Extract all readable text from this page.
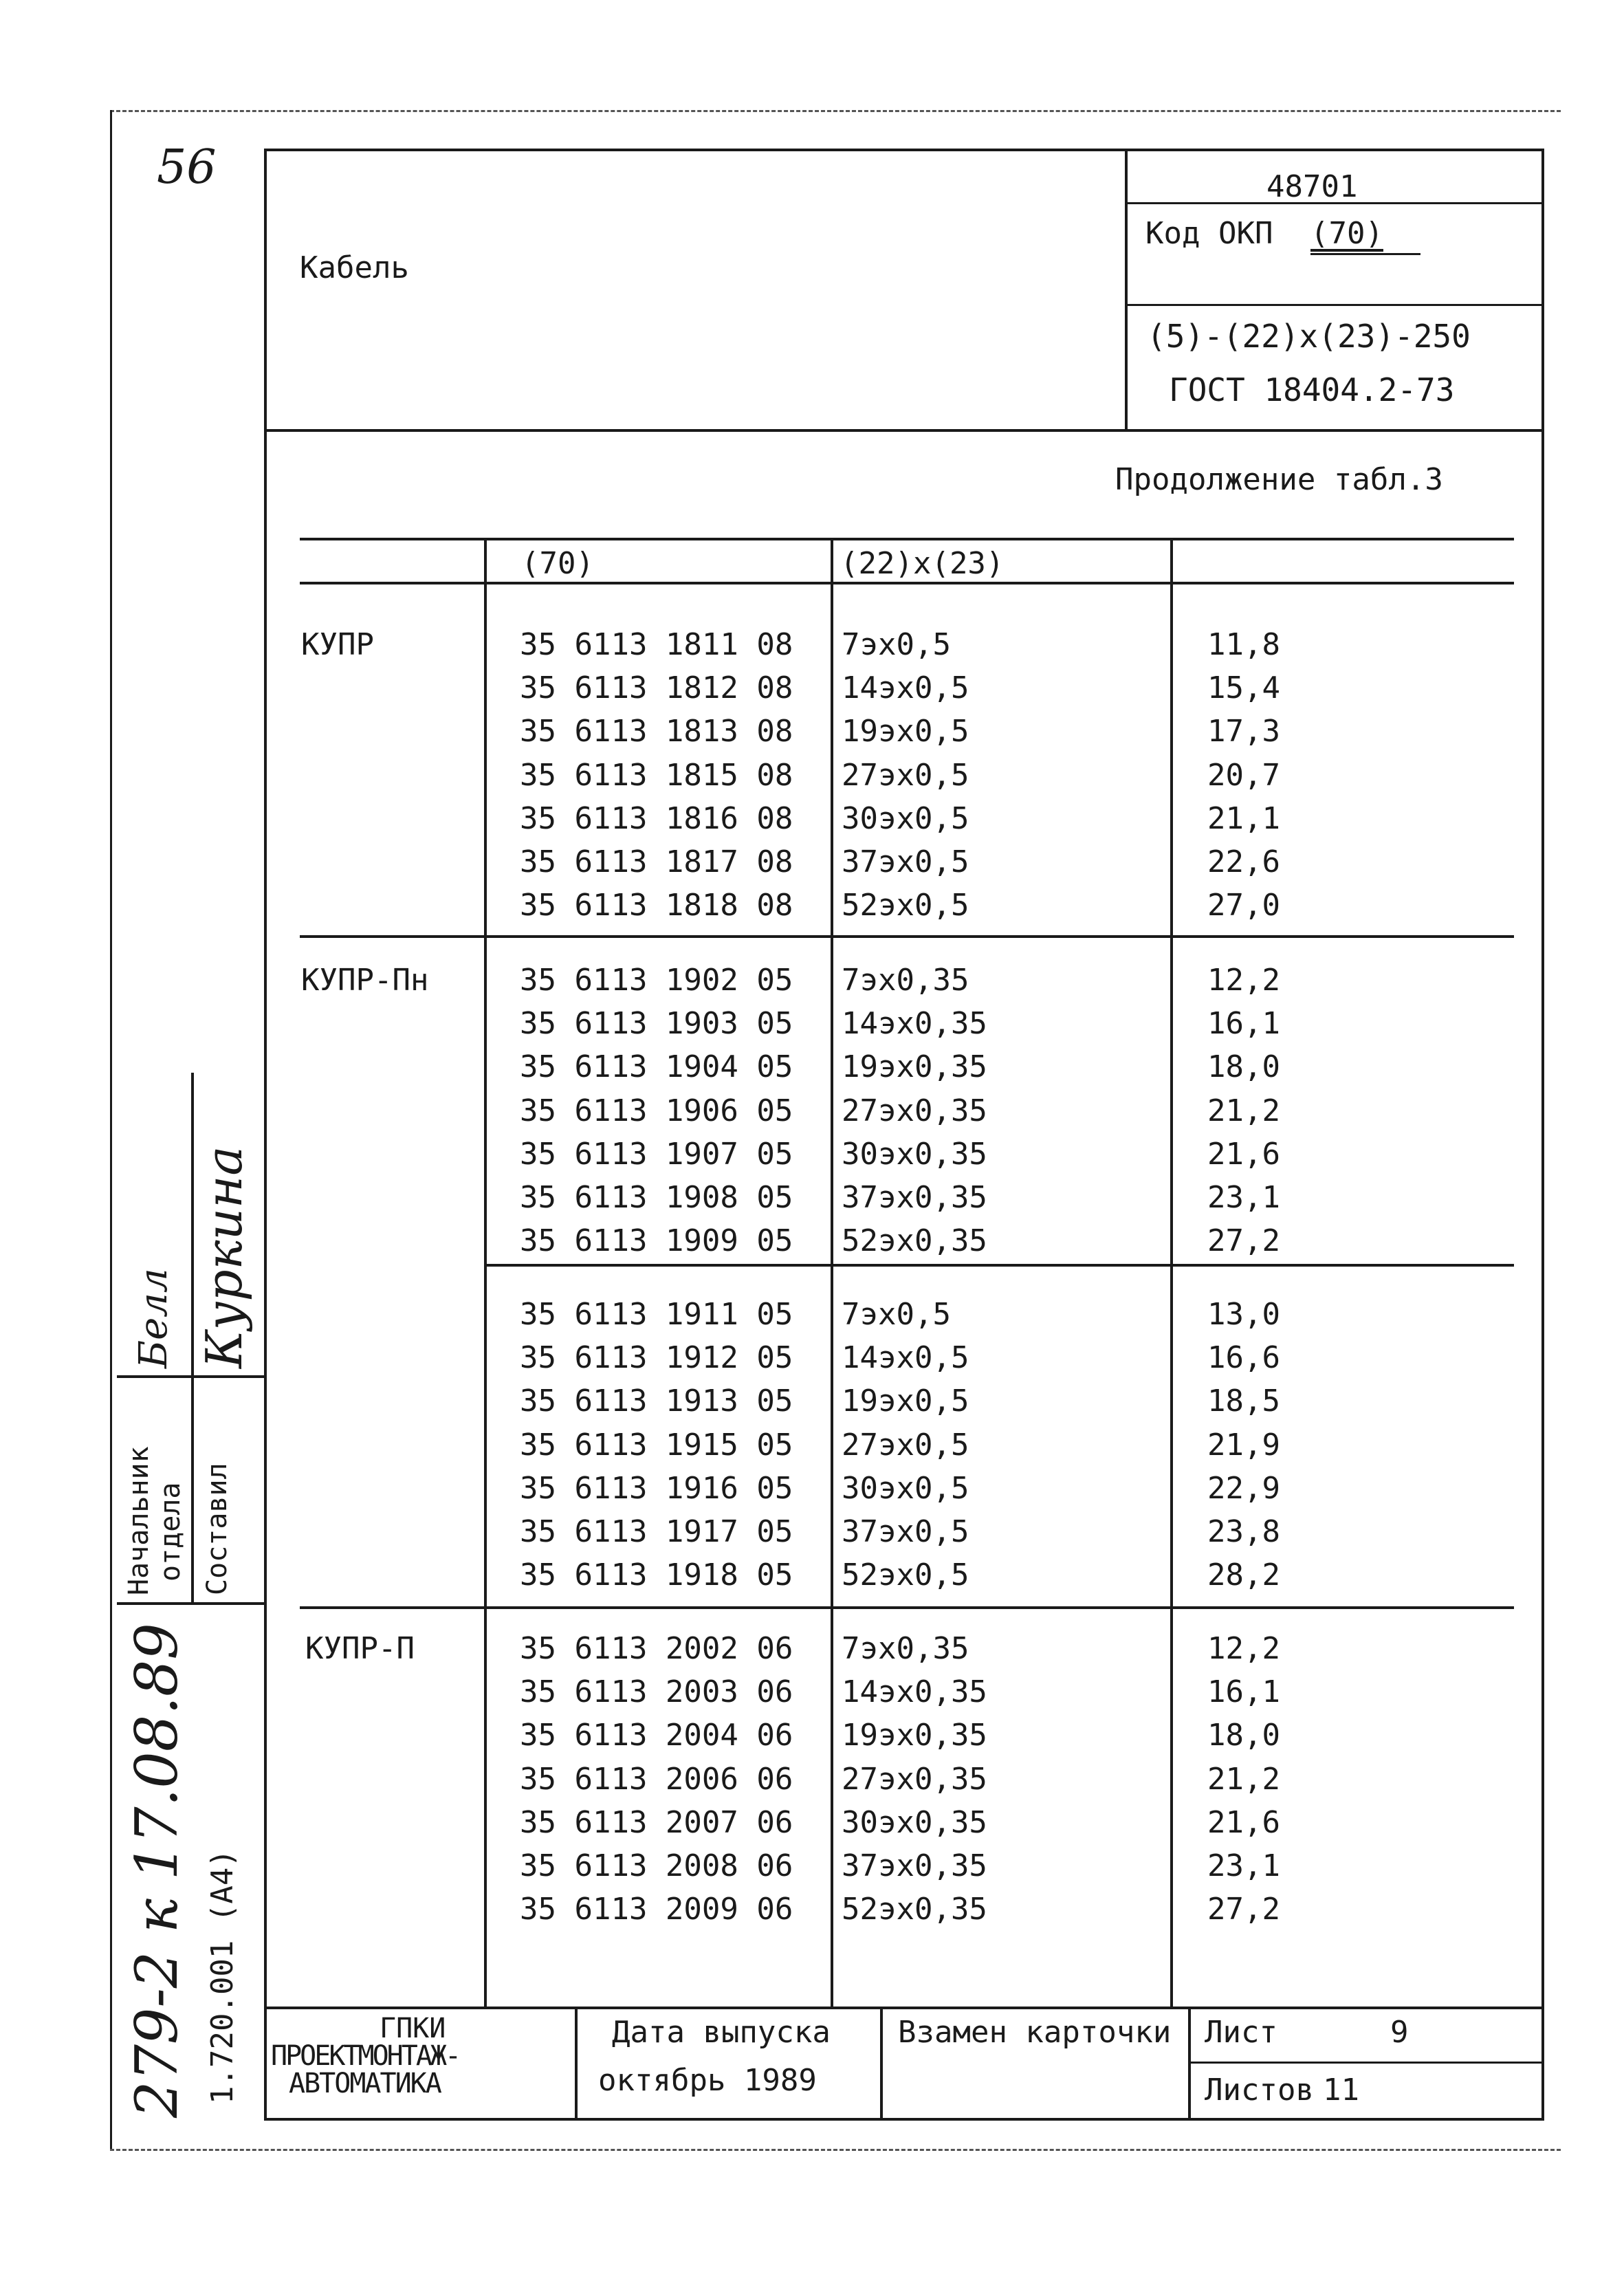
56
Кабель
48701
Код ОКП (70)
(5)-(22)x(23)-250
ГОСТ 18404.2-73
Продолжение табл.3
(70)	(22)x(23)
КУПР
КУПР-Пн
КУПР-П
35 6113 1811 08
35 6113 1812 08
35 6113 1813 08
35 6113 1815 08
35 6113 1816 08
35 6113 1817 08
35 6113 1818 08
7эх0,5
14эх0,5
19эх0,5
27эх0,5
30эх0,5
37эх0,5
52эх0,5
11,8
15,4
17,3
20,7
21,1
22,6
27,0
35 6113 1902 05
35 6113 1903 05
35 6113 1904 05
35 6113 1906 05
35 6113 1907 05
35 6113 1908 05
35 6113 1909 05
7эх0,35
14эх0,35
19эх0,35
27эх0,35
30эх0,35
37эх0,35
52эх0,35
12,2
16,1
18,0
21,2
21,6
23,1
27,2
35 6113 1911 05
35 6113 1912 05
35 6113 1913 05
35 6113 1915 05
35 6113 1916 05
35 6113 1917 05
35 6113 1918 05
7эх0,5
14эх0,5
19эх0,5
27эх0,5
30эх0,5
37эх0,5
52эх0,5
13,0
16,6
18,5
21,9
22,9
23,8
28,2
35 6113 2002 06
35 6113 2003 06
35 6113 2004 06
35 6113 2006 06
35 6113 2007 06
35 6113 2008 06
35 6113 2009 06
7эх0,35
14эх0,35
19эх0,35
27эх0,35
30эх0,35
37эх0,35
52эх0,35
12,2
16,1
18,0
21,2
21,6
23,1
27,2
ГПКИ
ПРОЕКТМОНТАЖ-
АВТОМАТИКА
Дата выпуска
октябрь 1989
Взамен карточки Лист	9
Листов 11
Начальник отдела Составил
Куркина
Белл
279-2 к 17.08.89 1.720.001 (А4)
